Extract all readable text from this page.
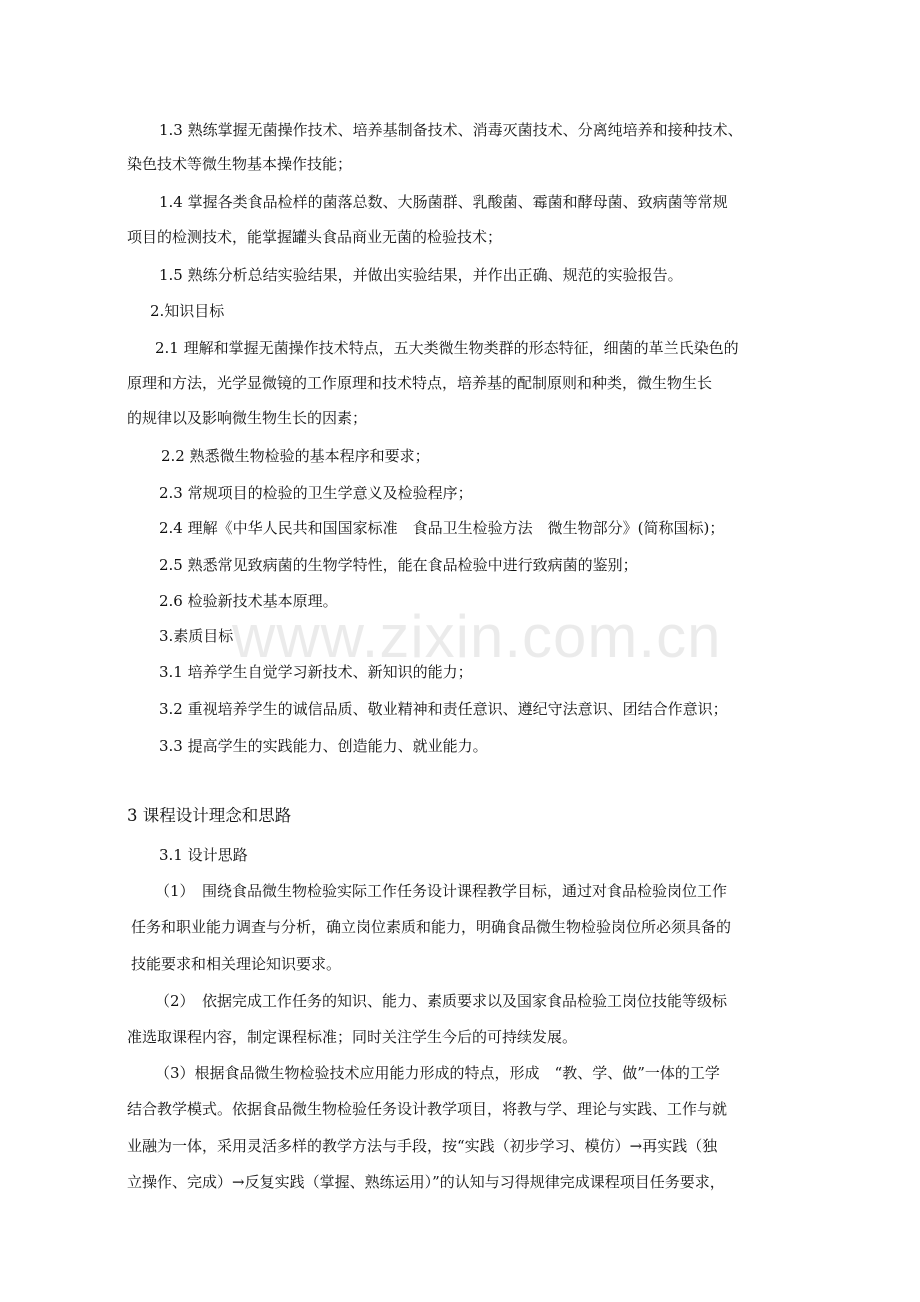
www.zixin.com.cn
1.3 熟练掌握无菌操作技术、培养基制备技术、消毒灭菌技术、分离纯培养和接种技术、
染色技术等微生物基本操作技能；
1.4 掌握各类食品检样的菌落总数、大肠菌群、乳酸菌、霉菌和酵母菌、致病菌等常规
项目的检测技术，能掌握罐头食品商业无菌的检验技术；
1.5 熟练分析总结实验结果，并做出实验结果，并作出正确、规范的实验报告。
2.知识目标
2.1 理解和掌握无菌操作技术特点，五大类微生物类群的形态特征，细菌的革兰氏染色的
原理和方法，光学显微镜的工作原理和技术特点，培养基的配制原则和种类，微生物生长
的规律以及影响微生物生长的因素；
2.2 熟悉微生物检验的基本程序和要求；
2.3 常规项目的检验的卫生学意义及检验程序；
2.4 理解《中华人民共和国国家标准　食品卫生检验方法　微生物部分》(简称国标)；
2.5 熟悉常见致病菌的生物学特性，能在食品检验中进行致病菌的鉴别；
2.6 检验新技术基本原理。
3.素质目标
3.1 培养学生自觉学习新技术、新知识的能力；
3.2 重视培养学生的诚信品质、敬业精神和责任意识、遵纪守法意识、团结合作意识；
3.3 提高学生的实践能力、创造能力、就业能力。
3 课程设计理念和思路
3.1 设计思路
（1）　围绕食品微生物检验实际工作任务设计课程教学目标，通过对食品检验岗位工作
任务和职业能力调查与分析，确立岗位素质和能力，明确食品微生物检验岗位所必须具备的
技能要求和相关理论知识要求。
（2）　依据完成工作任务的知识、能力、素质要求以及国家食品检验工岗位技能等级标
准选取课程内容，制定课程标准；同时关注学生今后的可持续发展。
（3）根据食品微生物检验技术应用能力形成的特点，形成　“教、学、做”一体的工学
结合教学模式。依据食品微生物检验任务设计教学项目，将教与学、理论与实践、工作与就
业融为一体，采用灵活多样的教学方法与手段，按“实践（初步学习、模仿）→再实践（独
立操作、完成）→反复实践（掌握、熟练运用）”的认知与习得规律完成课程项目任务要求，
